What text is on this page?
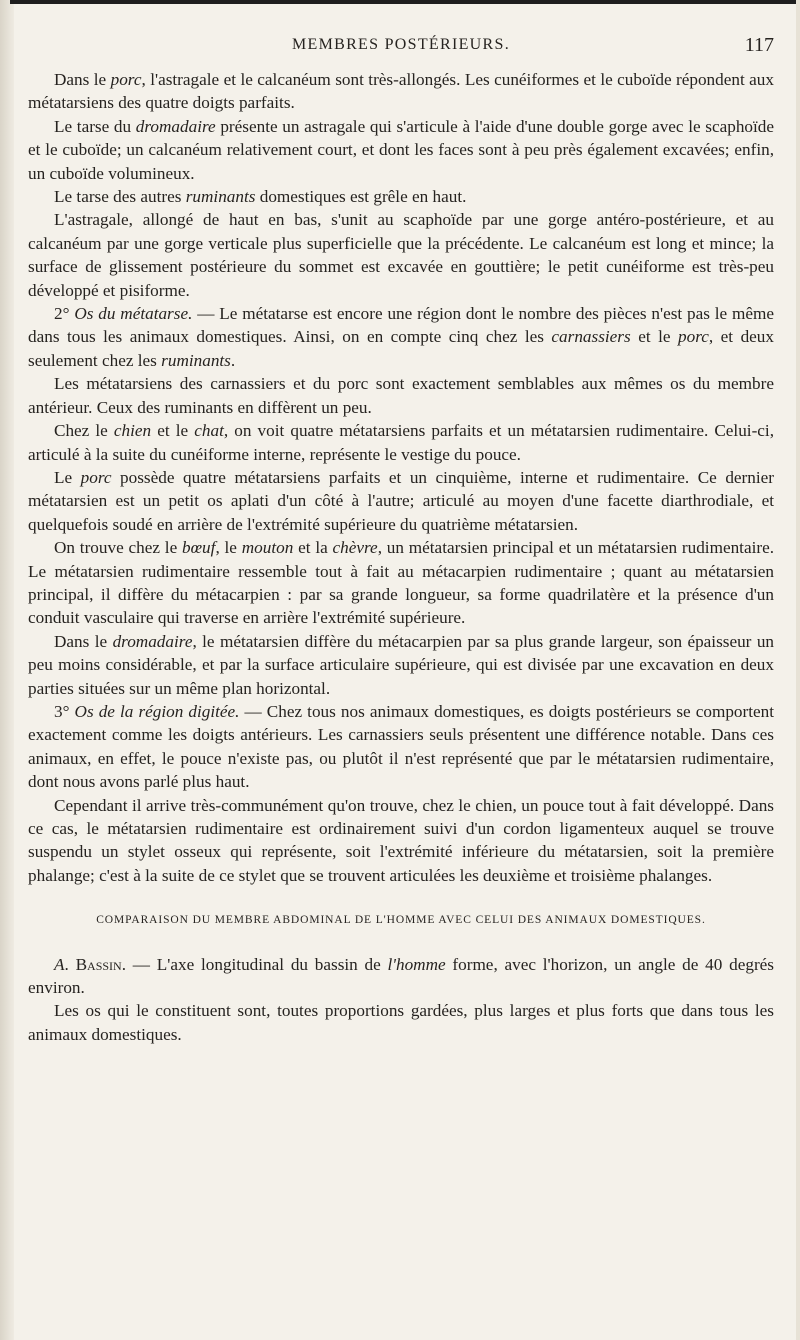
MEMBRES POSTÉRIEURS.	117

Dans le porc, l'astragale et le calcanéum sont très-allongés. Les cunéiformes et le cuboïde répondent aux métatarsiens des quatre doigts parfaits.

Le tarse du dromadaire présente un astragale qui s'articule à l'aide d'une double gorge avec le scaphoïde et le cuboïde; un calcanéum relativement court, et dont les faces sont à peu près également excavées; enfin, un cuboïde volumineux.

Le tarse des autres ruminants domestiques est grêle en haut.

L'astragale, allongé de haut en bas, s'unit au scaphoïde par une gorge antéro-postérieure, et au calcanéum par une gorge verticale plus superficielle que la précédente. Le calcanéum est long et mince; la surface de glissement postérieure du sommet est excavée en gouttière; le petit cunéiforme est très-peu développé et pisiforme.

2° Os du métatarse. — Le métatarse est encore une région dont le nombre des pièces n'est pas le même dans tous les animaux domestiques. Ainsi, on en compte cinq chez les carnassiers et le porc, et deux seulement chez les ruminants.

Les métatarsiens des carnassiers et du porc sont exactement semblables aux mêmes os du membre antérieur. Ceux des ruminants en diffèrent un peu.

Chez le chien et le chat, on voit quatre métatarsiens parfaits et un métatarsien rudimentaire. Celui-ci, articulé à la suite du cunéiforme interne, représente le vestige du pouce.

Le porc possède quatre métatarsiens parfaits et un cinquième, interne et rudimentaire. Ce dernier métatarsien est un petit os aplati d'un côté à l'autre; articulé au moyen d'une facette diarthrodiale, et quelquefois soudé en arrière de l'extrémité supérieure du quatrième métatarsien.

On trouve chez le bœuf, le mouton et la chèvre, un métatarsien principal et un métatarsien rudimentaire. Le métatarsien rudimentaire ressemble tout à fait au métacarpien rudimentaire ; quant au métatarsien principal, il diffère du métacarpien : par sa grande longueur, sa forme quadrilatère et la présence d'un conduit vasculaire qui traverse en arrière l'extrémité supérieure.

Dans le dromadaire, le métatarsien diffère du métacarpien par sa plus grande largeur, son épaisseur un peu moins considérable, et par la surface articulaire supérieure, qui est divisée par une excavation en deux parties situées sur un même plan horizontal.

3° Os de la région digitée. — Chez tous nos animaux domestiques, es doigts postérieurs se comportent exactement comme les doigts antérieurs. Les carnassiers seuls présentent une différence notable. Dans ces animaux, en effet, le pouce n'existe pas, ou plutôt il n'est représenté que par le métatarsien rudimentaire, dont nous avons parlé plus haut.

Cependant il arrive très-communément qu'on trouve, chez le chien, un pouce tout à fait développé. Dans ce cas, le métatarsien rudimentaire est ordinairement suivi d'un cordon ligamenteux auquel se trouve suspendu un stylet osseux qui représente, soit l'extrémité inférieure du métatarsien, soit la première phalange; c'est à la suite de ce stylet que se trouvent articulées les deuxième et troisième phalanges.

COMPARAISON DU MEMBRE ABDOMINAL DE L'HOMME AVEC CELUI DES ANIMAUX DOMESTIQUES.

A. Bassin. — L'axe longitudinal du bassin de l'homme forme, avec l'horizon, un angle de 40 degrés environ.

Les os qui le constituent sont, toutes proportions gardées, plus larges et plus forts que dans tous les animaux domestiques.
